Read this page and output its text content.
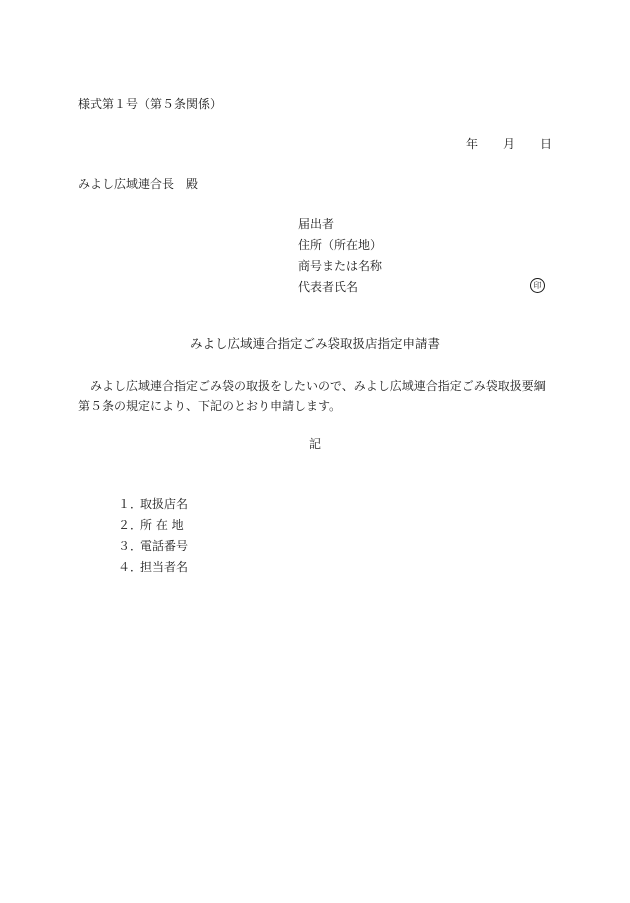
様式第１号（第５条関係）
年 月 日
みよし広域連合長　殿
届出者
住所（所在地）
商号または名称
代表者氏名	印
みよし広域連合指定ごみ袋取扱店指定申請書
みよし広域連合指定ごみ袋の取扱をしたいので、みよし広域連合指定ごみ袋取扱要綱
第５条の規定により、下記のとおり申請します。
記
１．
取扱店名
２．
所 在 地
３．
電話番号
４．
担当者名
